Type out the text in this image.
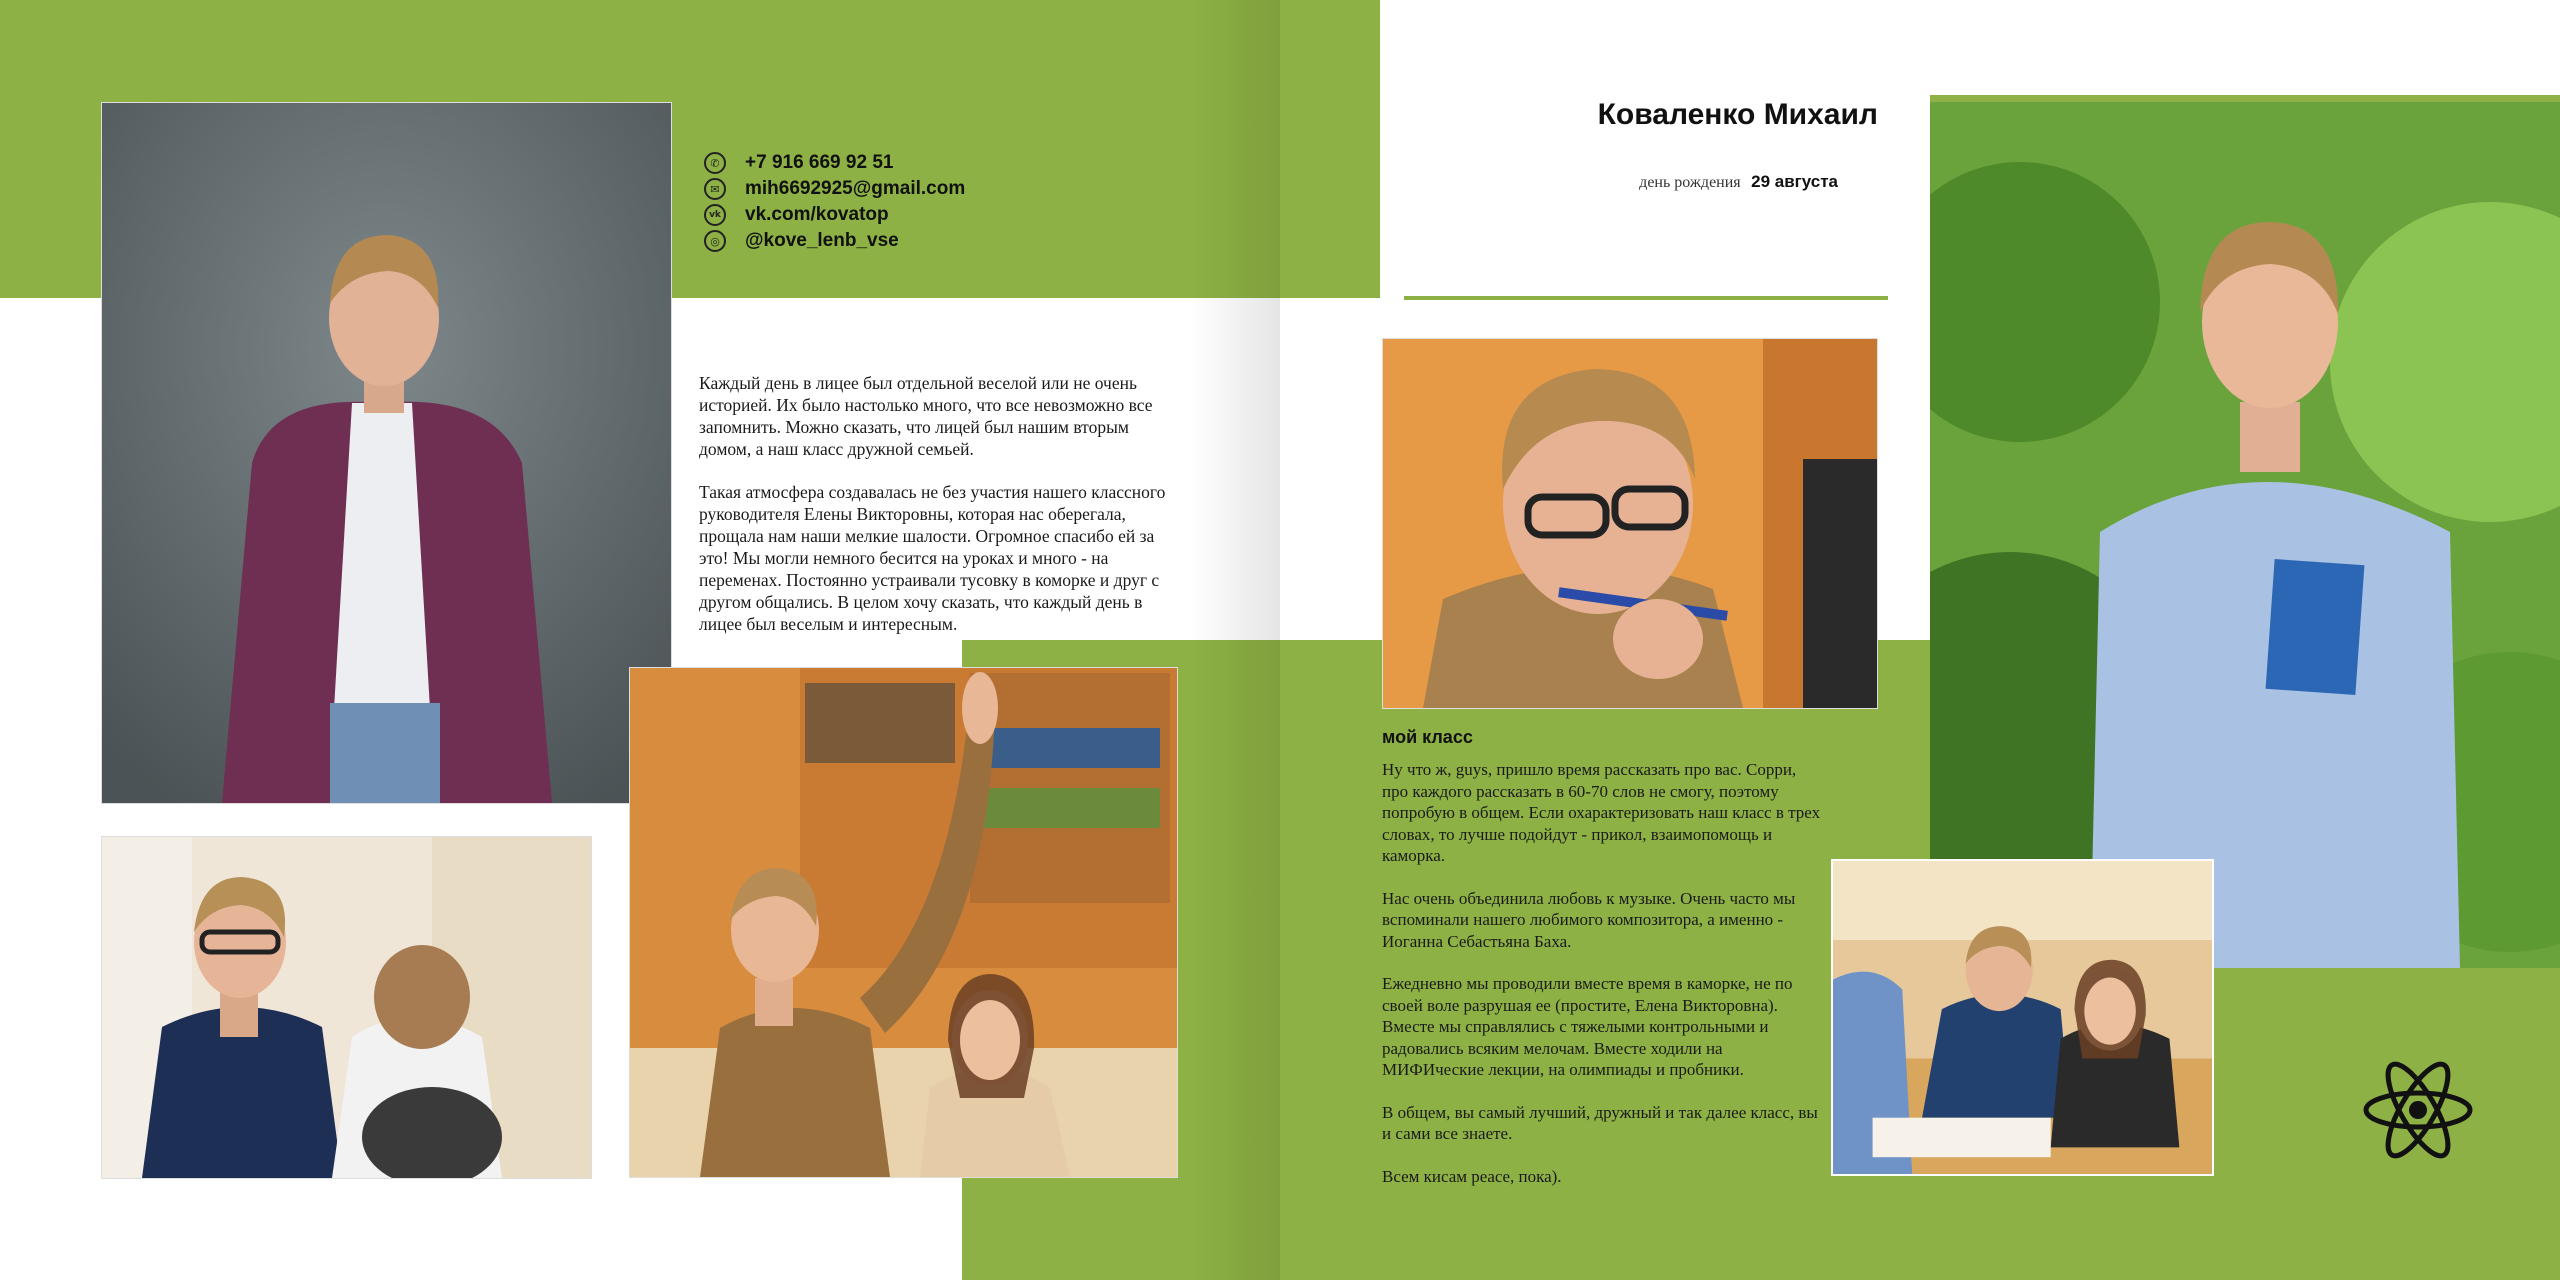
✆	+7 916 669 92 51
✉	mih6692925@gmail.com
vk vk.com/kovatop
◎	@kove_lenb_vse

Каждый день в лицее был отдельной веселой или не очень историей. Их было настолько много, что все невозможно все запомнить. Можно сказать, что лицей был нашим вторым домом, а наш класс дружной семьей.

Такая атмосфера создавалась не без участия нашего классного руководителя Елены Викторовны, которая нас оберегала, прощала нам наши мелкие шалости. Огромное спасибо ей за это! Мы могли немного бесится на уроках и много - на переменах. Постоянно устраивали тусовку в коморке и друг с другом общались. В целом хочу сказать, что каждый день в лицее был веселым и интересным.

Коваленко Михаил
день рождения 29 августа
мой класс

Ну что ж, guys, пришло время рассказать про вас. Сорри, про каждого рассказать в 60-70 слов не смогу, поэтому попробую в общем. Если охарактеризовать наш класс в трех словах, то лучше подойдут - прикол, взаимопомощь и каморка.

Нас очень объединила любовь к музыке. Очень часто мы вспоминали нашего любимого композитора, а именно - Иоганна Себастьяна Баха.

Ежедневно мы проводили вместе время в каморке, не по своей воле разрушая ее (простите, Елена Викторовна). Вместе мы справлялись с тяжелыми контрольными и радовались всяким мелочам. Вместе ходили на МИФИческие лекции, на олимпиады и пробники.

В общем, вы самый лучший, дружный и так далее класс, вы и сами все знаете.

Всем кисам peace, пока).
